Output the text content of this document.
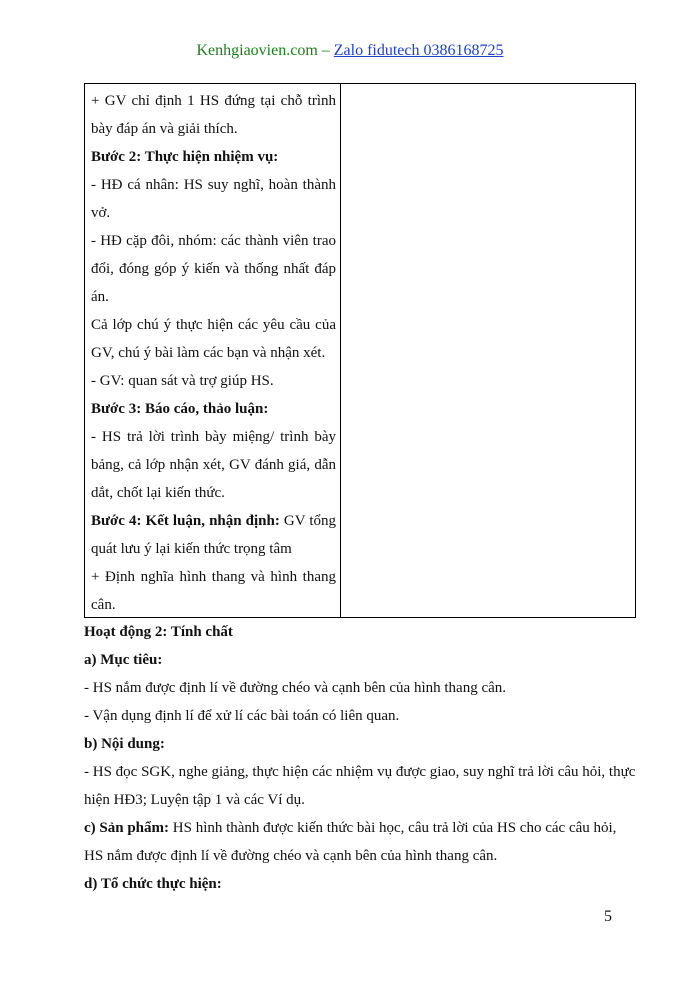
Kenhgiaovien.com – Zalo fidutech 0386168725

+ GV chỉ định 1 HS đứng tại chỗ trình bày đáp án và giải thích.

Bước 2: Thực hiện nhiệm vụ:

- HĐ cá nhân: HS suy nghĩ, hoàn thành vở.

- HĐ cặp đôi, nhóm: các thành viên trao đổi, đóng góp ý kiến và thống nhất đáp án.

Cả lớp chú ý thực hiện các yêu cầu của GV, chú ý bài làm các bạn và nhận xét.

- GV: quan sát và trợ giúp HS.

Bước 3: Báo cáo, thảo luận:

- HS trả lời trình bày miệng/ trình bày bảng, cả lớp nhận xét, GV đánh giá, dẫn dắt, chốt lại kiến thức.

Bước 4: Kết luận, nhận định: GV tổng quát lưu ý lại kiến thức trọng tâm

+ Định nghĩa hình thang và hình thang cân.

Hoạt động 2: Tính chất

a) Mục tiêu:

- HS nắm được định lí về đường chéo và cạnh bên của hình thang cân.

- Vận dụng định lí để xử lí các bài toán có liên quan.

b) Nội dung:

- HS đọc SGK, nghe giảng, thực hiện các nhiệm vụ được giao, suy nghĩ trả lời câu hỏi, thực hiện HĐ3; Luyện tập 1 và các Ví dụ.

c) Sản phẩm: HS hình thành được kiến thức bài học, câu trả lời của HS cho các câu hỏi, HS nắm được định lí về đường chéo và cạnh bên của hình thang cân.

d) Tổ chức thực hiện:

5
